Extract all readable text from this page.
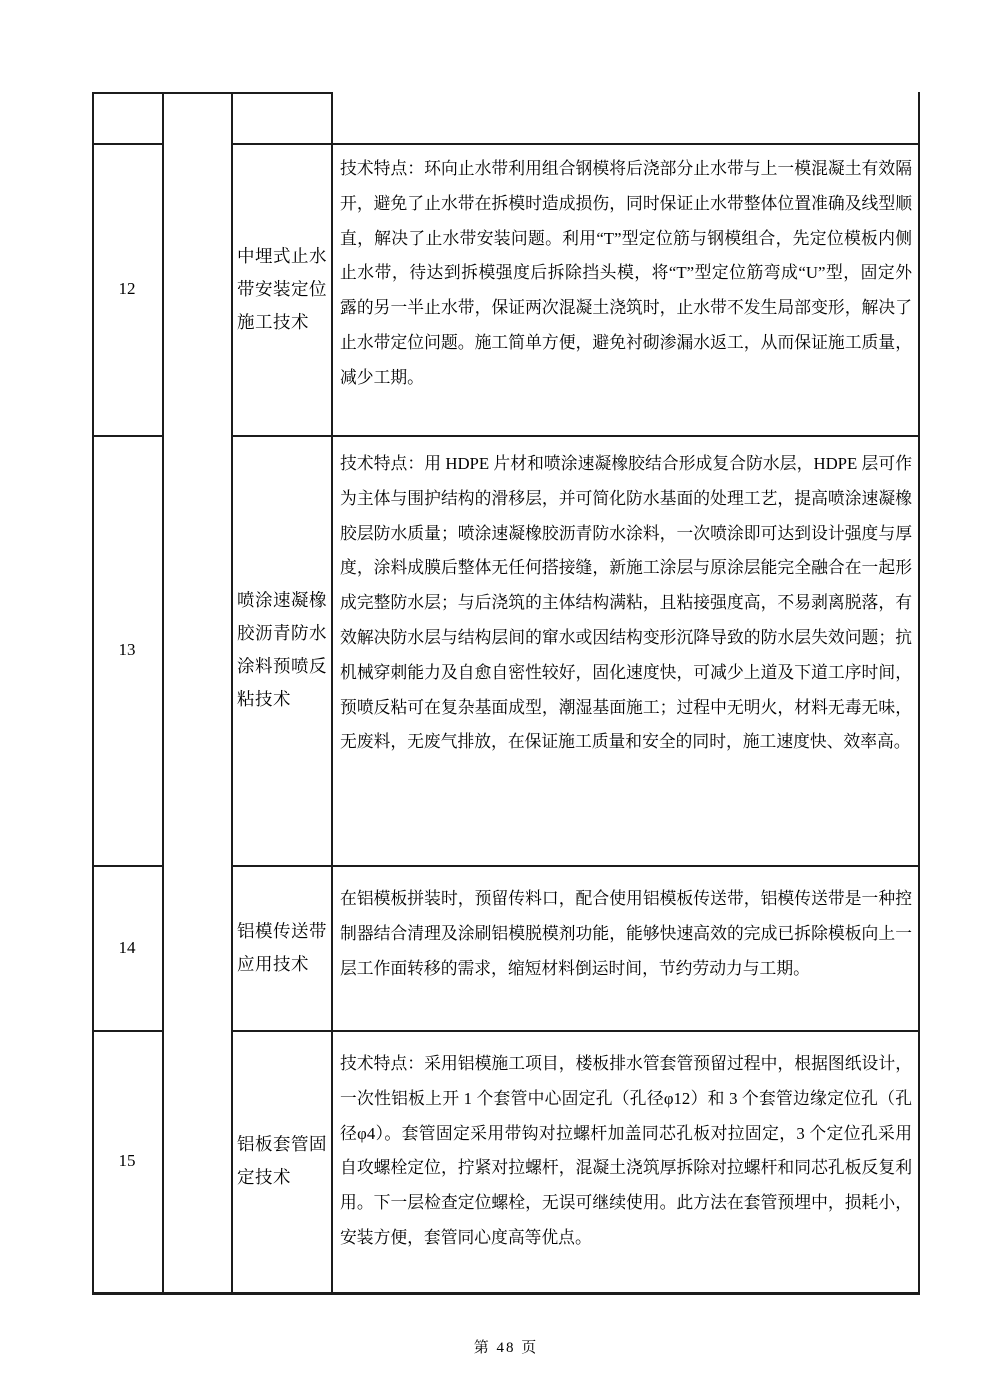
12
中埋式止水带安装定位施工技术
技术特点：环向止水带利用组合钢模将后浇部分止水带与上一模混凝土有效隔开，避免了止水带在拆模时造成损伤，同时保证止水带整体位置准确及线型顺直，解决了止水带安装问题。利用“T”型定位筋与钢模组合，先定位模板内侧止水带，待达到拆模强度后拆除挡头模，将“T”型定位筋弯成“U”型，固定外露的另一半止水带，保证两次混凝土浇筑时，止水带不发生局部变形，解决了止水带定位问题。施工简单方便，避免衬砌渗漏水返工，从而保证施工质量，减少工期。
13
喷涂速凝橡胶沥青防水涂料预喷反粘技术
技术特点：用 HDPE 片材和喷涂速凝橡胶结合形成复合防水层，HDPE 层可作为主体与围护结构的滑移层，并可简化防水基面的处理工艺，提高喷涂速凝橡胶层防水质量；喷涂速凝橡胶沥青防水涂料，一次喷涂即可达到设计强度与厚度，涂料成膜后整体无任何搭接缝，新施工涂层与原涂层能完全融合在一起形成完整防水层；与后浇筑的主体结构满粘，且粘接强度高，不易剥离脱落，有效解决防水层与结构层间的窜水或因结构变形沉降导致的防水层失效问题；抗机械穿刺能力及自愈自密性较好，固化速度快，可减少上道及下道工序时间，预喷反粘可在复杂基面成型，潮湿基面施工；过程中无明火，材料无毒无味，无废料，无废气排放，在保证施工质量和安全的同时，施工速度快、效率高。
14
铝模传送带应用技术
在铝模板拼装时，预留传料口，配合使用铝模板传送带，铝模传送带是一种控制器结合清理及涂刷铝模脱模剂功能，能够快速高效的完成已拆除模板向上一层工作面转移的需求，缩短材料倒运时间，节约劳动力与工期。
15
铝板套管固定技术
技术特点：采用铝模施工项目，楼板排水管套管预留过程中，根据图纸设计，一次性铝板上开 1 个套管中心固定孔（孔径φ12）和 3 个套管边缘定位孔（孔径φ4）。套管固定采用带钩对拉螺杆加盖同芯孔板对拉固定，3 个定位孔采用自攻螺栓定位，拧紧对拉螺杆，混凝土浇筑厚拆除对拉螺杆和同芯孔板反复利用。下一层检查定位螺栓，无误可继续使用。此方法在套管预埋中，损耗小，安装方便，套管同心度高等优点。
第 48 页
